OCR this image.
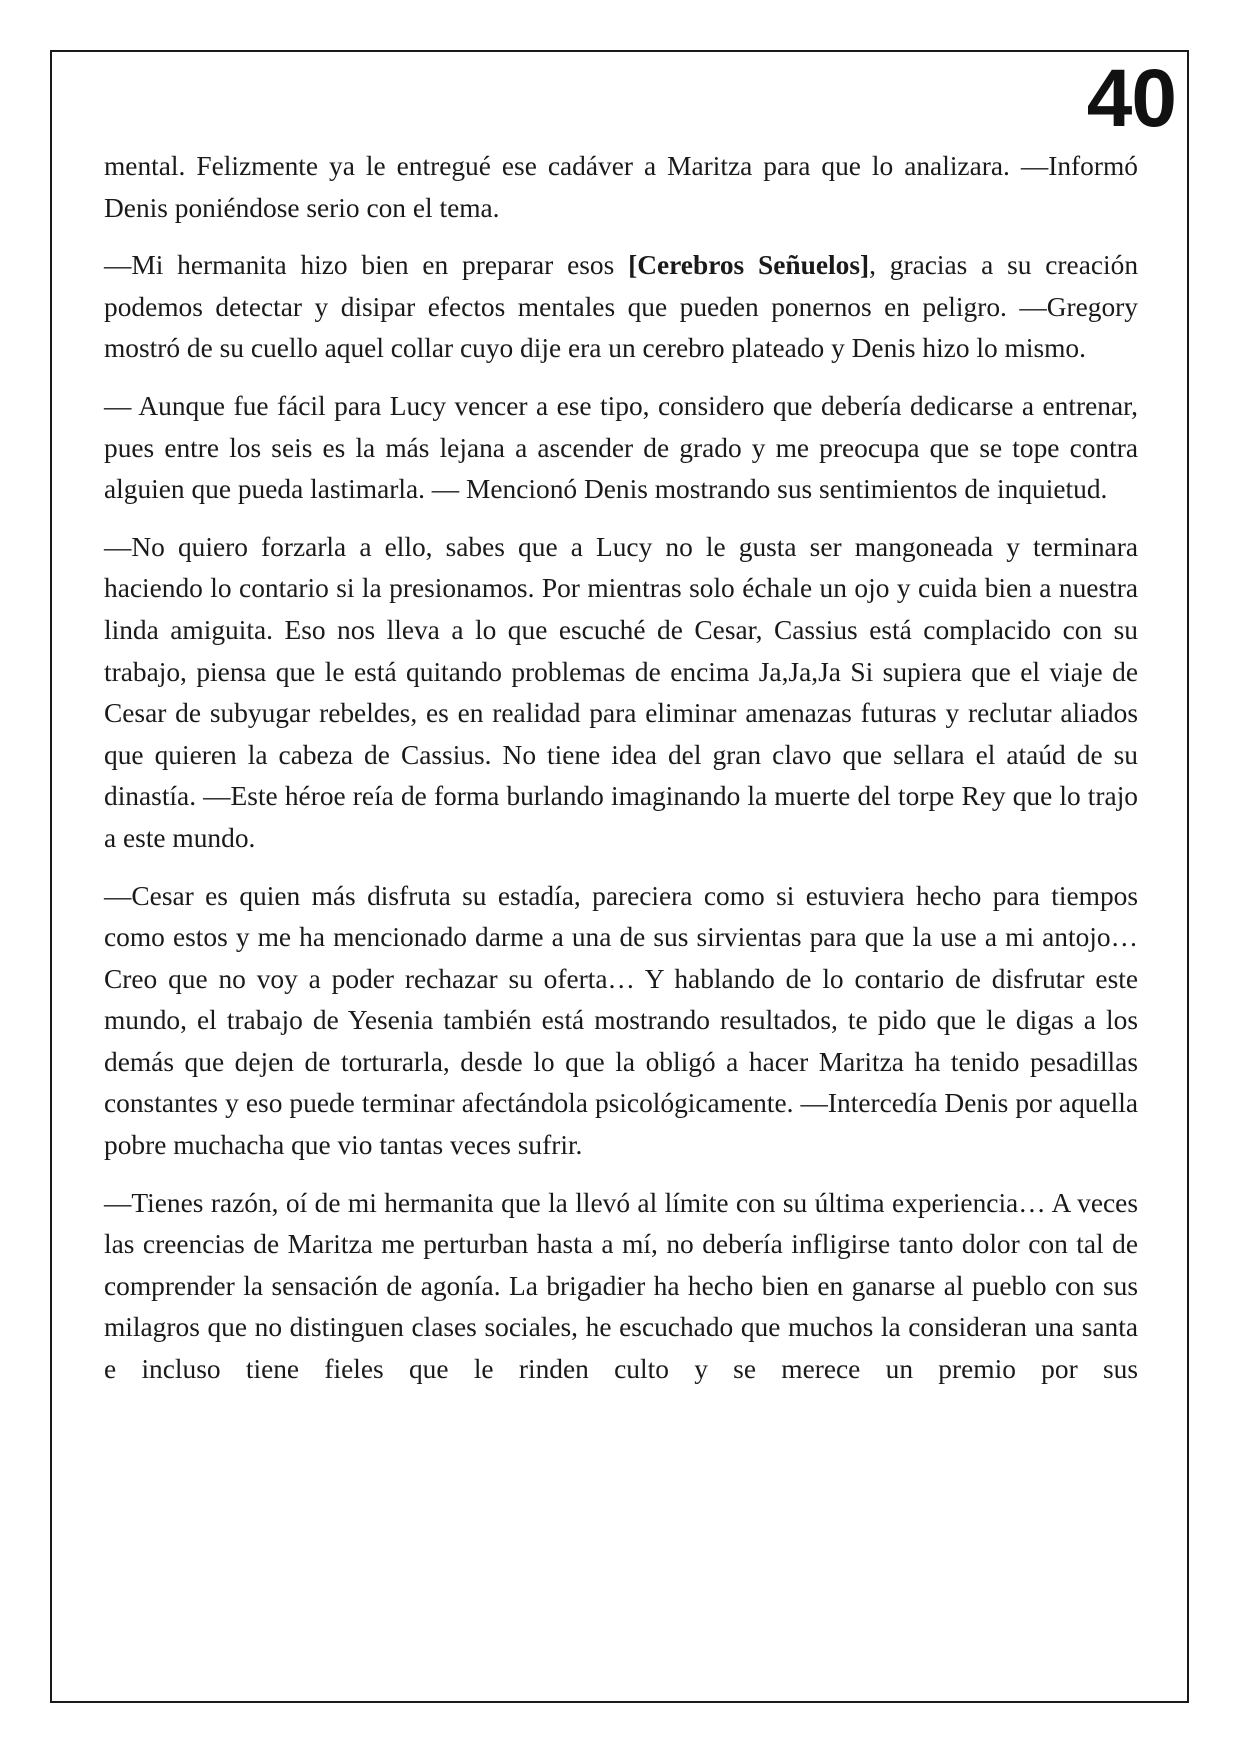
40

mental. Felizmente ya le entregué ese cadáver a Maritza para que lo analizara. —Informó Denis poniéndose serio con el tema.

—Mi hermanita hizo bien en preparar esos [Cerebros Señuelos], gracias a su creación podemos detectar y disipar efectos mentales que pueden ponernos en peligro. —Gregory mostró de su cuello aquel collar cuyo dije era un cerebro plateado y Denis hizo lo mismo.

— Aunque fue fácil para Lucy vencer a ese tipo, considero que debería dedicarse a entrenar, pues entre los seis es la más lejana a ascender de grado y me preocupa que se tope contra alguien que pueda lastimarla. — Mencionó Denis mostrando sus sentimientos de inquietud.

—No quiero forzarla a ello, sabes que a Lucy no le gusta ser mangoneada y terminara haciendo lo contario si la presionamos. Por mientras solo échale un ojo y cuida bien a nuestra linda amiguita. Eso nos lleva a lo que escuché de Cesar, Cassius está complacido con su trabajo, piensa que le está quitando problemas de encima Ja,Ja,Ja Si supiera que el viaje de Cesar de subyugar rebeldes, es en realidad para eliminar amenazas futuras y reclutar aliados que quieren la cabeza de Cassius. No tiene idea del gran clavo que sellara el ataúd de su dinastía. —Este héroe reía de forma burlando imaginando la muerte del torpe Rey que lo trajo a este mundo.

—Cesar es quien más disfruta su estadía, pareciera como si estuviera hecho para tiempos como estos y me ha mencionado darme a una de sus sirvientas para que la use a mi antojo… Creo que no voy a poder rechazar su oferta… Y hablando de lo contario de disfrutar este mundo, el trabajo de Yesenia también está mostrando resultados, te pido que le digas a los demás que dejen de torturarla, desde lo que la obligó a hacer Maritza ha tenido pesadillas constantes y eso puede terminar afectándola psicológicamente. —Intercedía Denis por aquella pobre muchacha que vio tantas veces sufrir.

—Tienes razón, oí de mi hermanita que la llevó al límite con su última experiencia… A veces las creencias de Maritza me perturban hasta a mí, no debería infligirse tanto dolor con tal de comprender la sensación de agonía. La brigadier ha hecho bien en ganarse al pueblo con sus milagros que no distinguen clases sociales, he escuchado que muchos la consideran una santa e incluso tiene fieles que le rinden culto y se merece un premio por sus
